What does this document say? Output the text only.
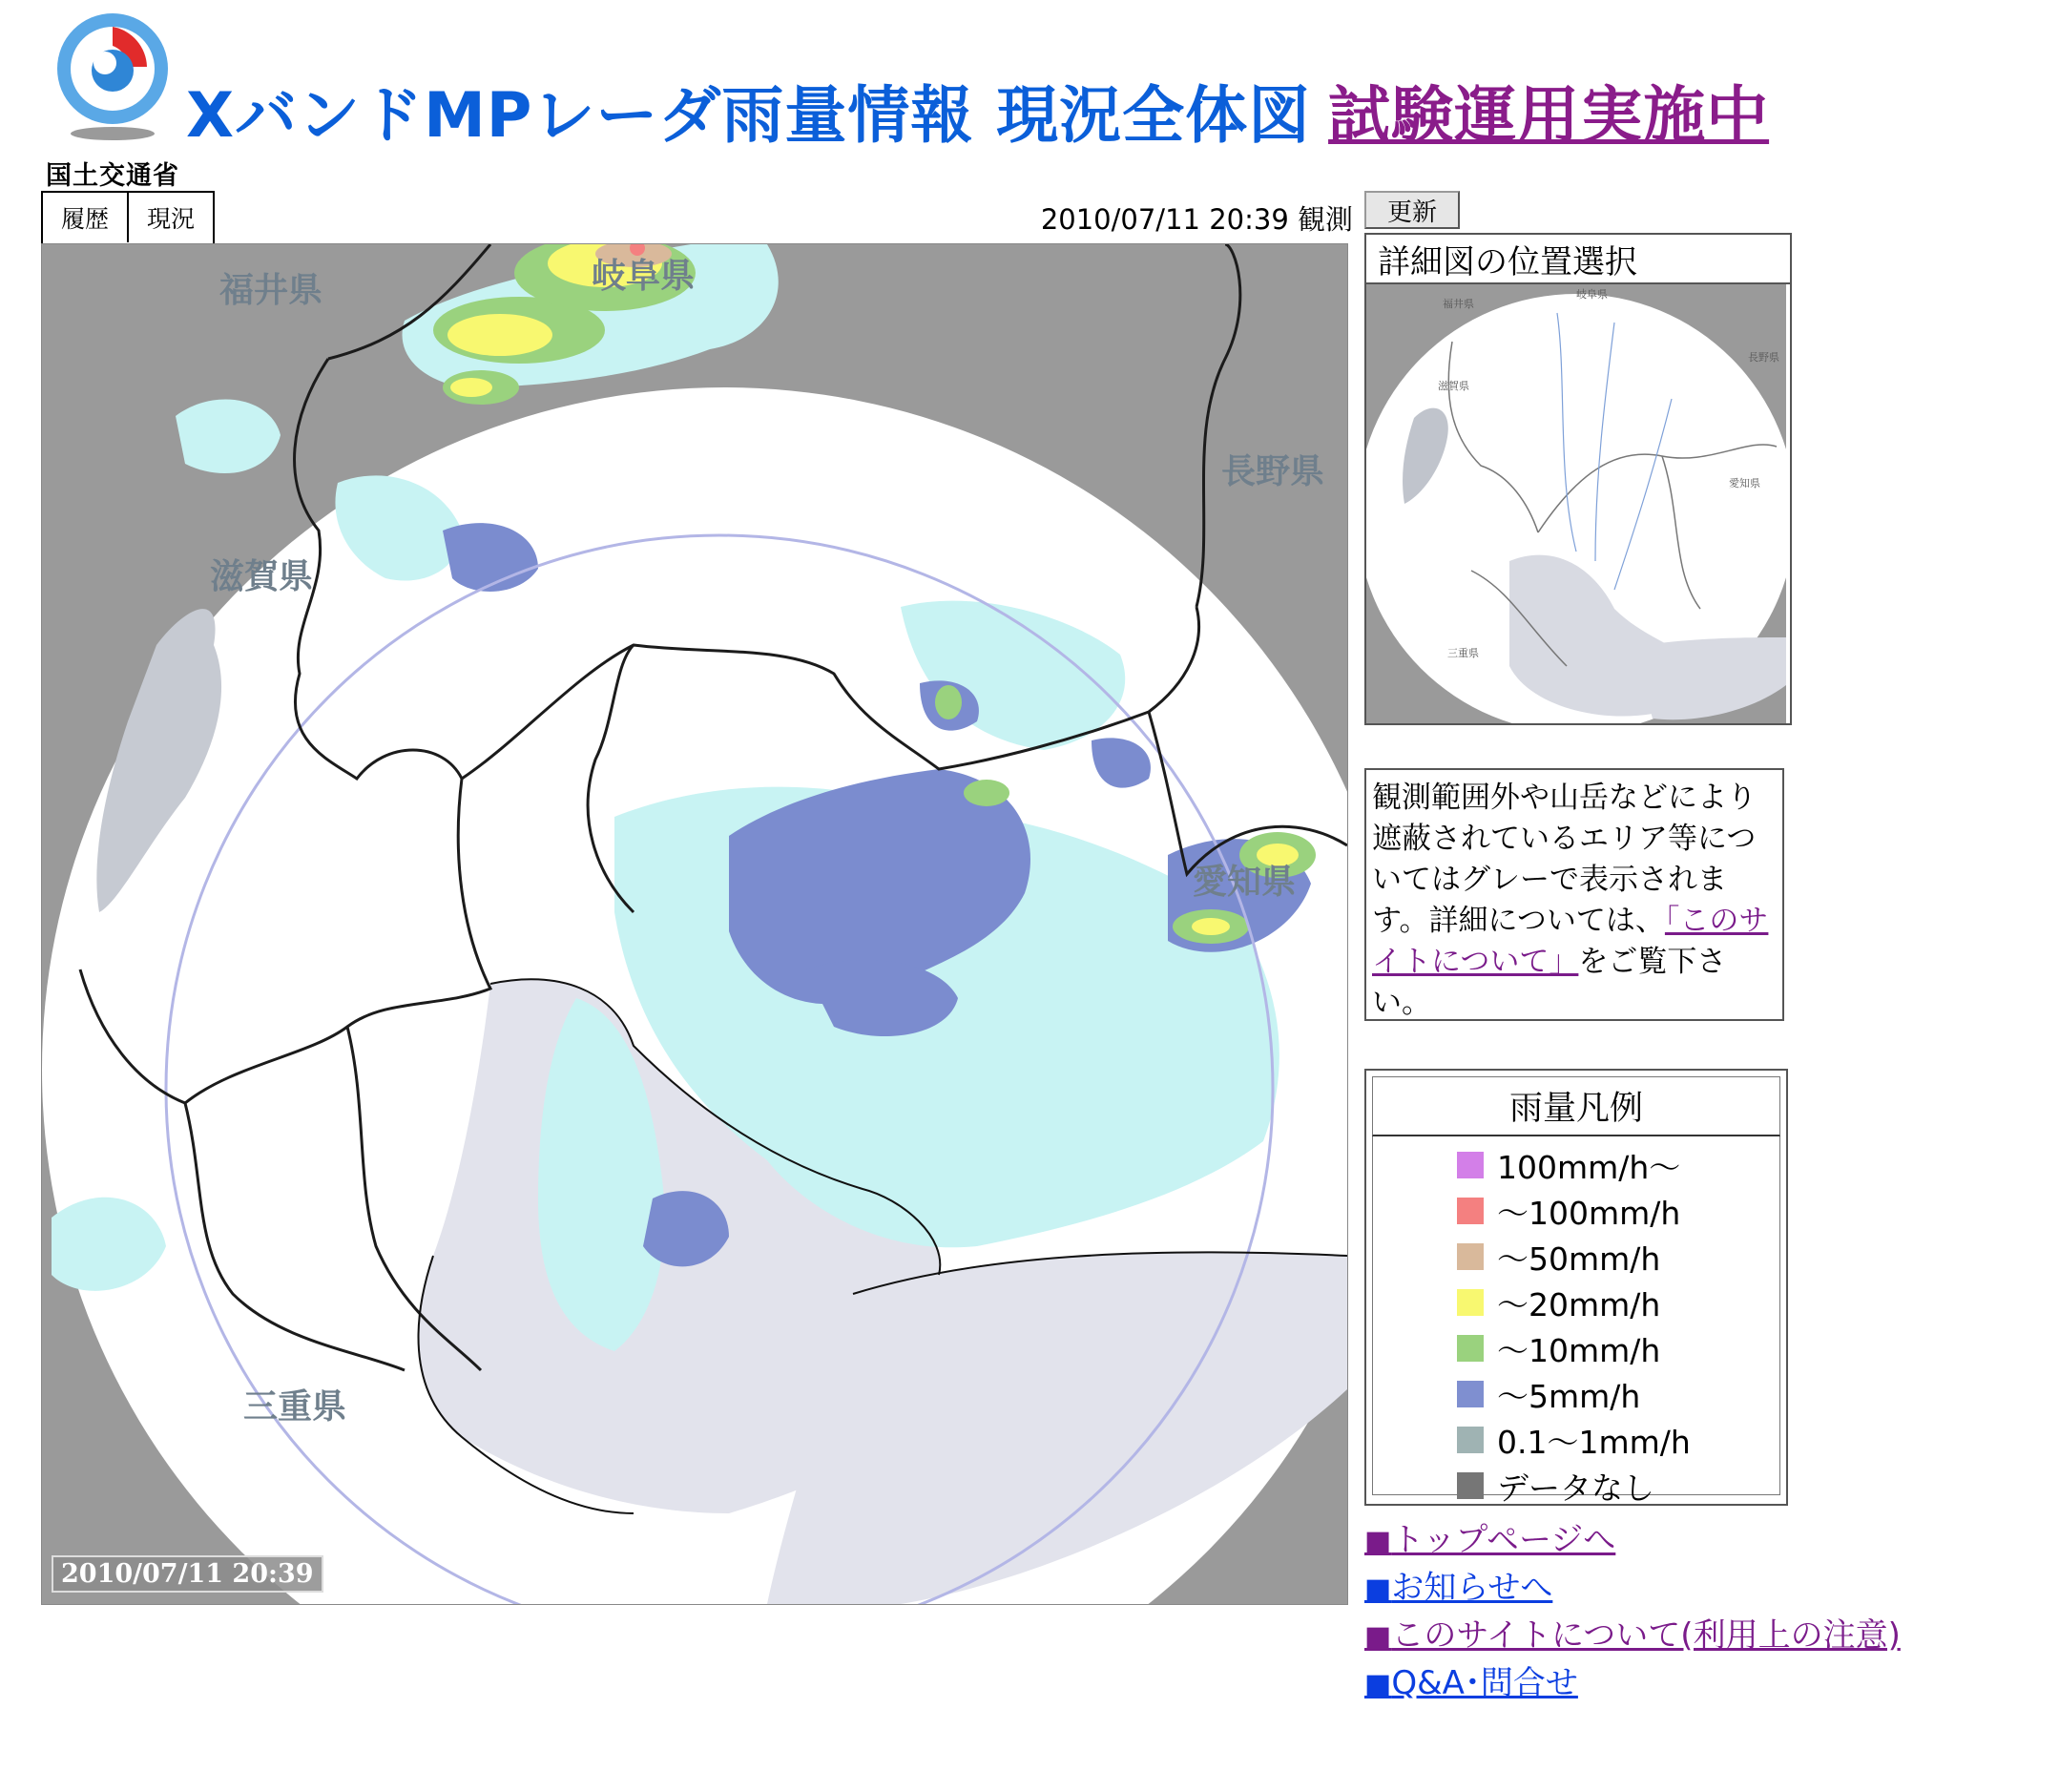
国土交通省
XバンドMPレーダ雨量情報 現況全体図 試験運用実施中
履歴	現況	2010/07/11 20:39 観測	更新
福井県	岐阜県
長野県
滋賀県
愛知県
三重県
2010/07/11 20:39
詳細図の位置選択
福井県
岐阜県
長野県
滋賀県
愛知県
三重県
観測範囲外や山岳などにより遮蔽されているエリア等についてはグレーで表示されます。詳細については、「このサイトについて」をご覧下さい。
雨量凡例
100mm/h〜
〜100mm/h
〜50mm/h
〜20mm/h
〜10mm/h
〜5mm/h
0.1〜1mm/h
データなし
■トップページへ
■お知らせへ
■このサイトについて(利用上の注意)
■Q&A･問合せ
